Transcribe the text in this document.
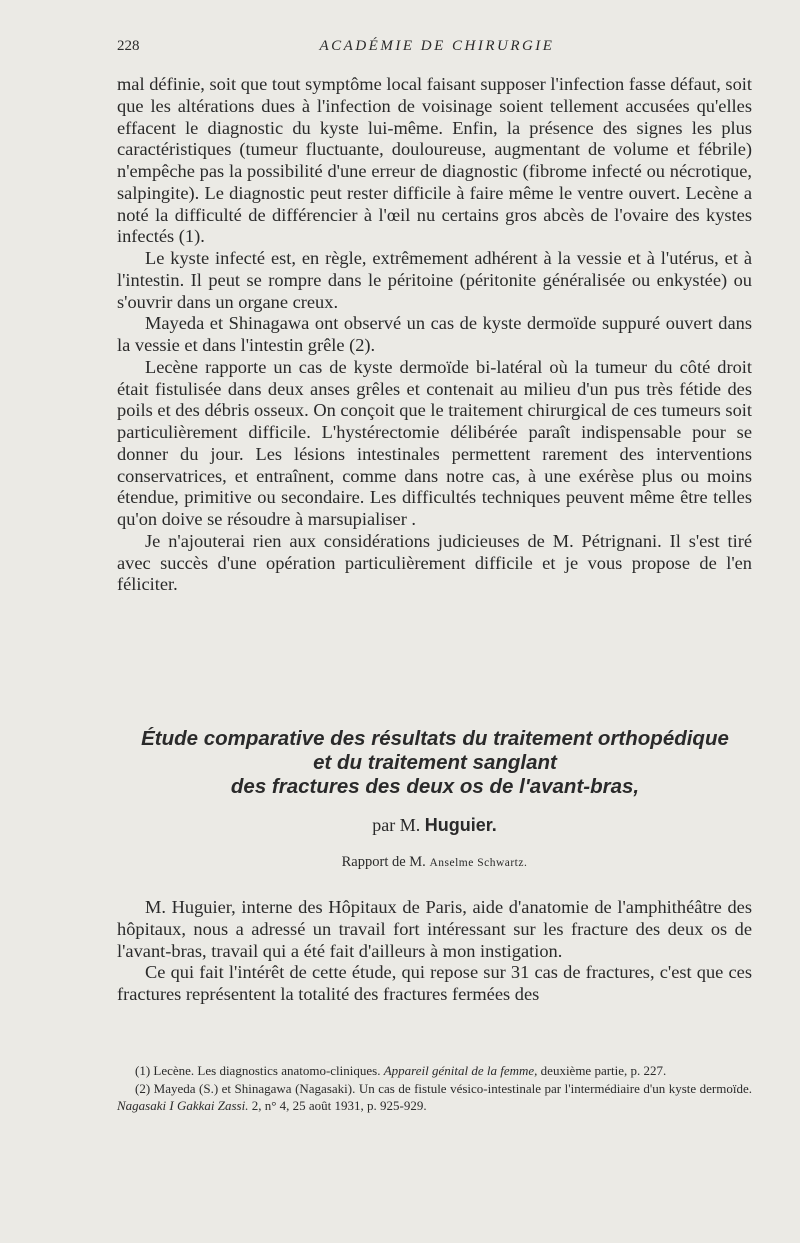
228	ACADÉMIE DE CHIRURGIE

mal définie, soit que tout symptôme local faisant supposer l'infection fasse défaut, soit que les altérations dues à l'infection de voisinage soient tellement accusées qu'elles effacent le diagnostic du kyste lui-même. Enfin, la présence des signes les plus caractéristiques (tumeur fluctuante, douloureuse, augmentant de volume et fébrile) n'empêche pas la possibilité d'une erreur de diagnostic (fibrome infecté ou nécrotique, salpingite). Le diagnostic peut rester difficile à faire même le ventre ouvert. Lecène a noté la difficulté de différencier à l'œil nu certains gros abcès de l'ovaire des kystes infectés (1).

Le kyste infecté est, en règle, extrêmement adhérent à la vessie et à l'utérus, et à l'intestin. Il peut se rompre dans le péritoine (péritonite généralisée ou enkystée) ou s'ouvrir dans un organe creux.

Mayeda et Shinagawa ont observé un cas de kyste dermoïde suppuré ouvert dans la vessie et dans l'intestin grêle (2).

Lecène rapporte un cas de kyste dermoïde bi-latéral où la tumeur du côté droit était fistulisée dans deux anses grêles et contenait au milieu d'un pus très fétide des poils et des débris osseux. On conçoit que le traitement chirurgical de ces tumeurs soit particulièrement difficile. L'hystérectomie délibérée paraît indispensable pour se donner du jour. Les lésions intestinales permettent rarement des interventions conservatrices, et entraînent, comme dans notre cas, à une exérèse plus ou moins étendue, primitive ou secondaire. Les difficultés techniques peuvent même être telles qu'on doive se résoudre à marsupialiser .

Je n'ajouterai rien aux considérations judicieuses de M. Pétrignani. Il s'est tiré avec succès d'une opération particulièrement difficile et je vous propose de l'en féliciter.

Étude comparative des résultats du traitement orthopédique
et du traitement sanglant
des fractures des deux os de l'avant-bras,
par M. Huguier.
Rapport de M. Anselme Schwartz.

M. Huguier, interne des Hôpitaux de Paris, aide d'anatomie de l'amphithéâtre des hôpitaux, nous a adressé un travail fort intéressant sur les fracture des deux os de l'avant-bras, travail qui a été fait d'ailleurs à mon instigation.

Ce qui fait l'intérêt de cette étude, qui repose sur 31 cas de fractures, c'est que ces fractures représentent la totalité des fractures fermées des

(1) Lecène. Les diagnostics anatomo-cliniques. Appareil génital de la femme, deuxième partie, p. 227.

(2) Mayeda (S.) et Shinagawa (Nagasaki). Un cas de fistule vésico-intestinale par l'intermédiaire d'un kyste dermoïde. Nagasaki I Gakkai Zassi. 2, n° 4, 25 août 1931, p. 925-929.
